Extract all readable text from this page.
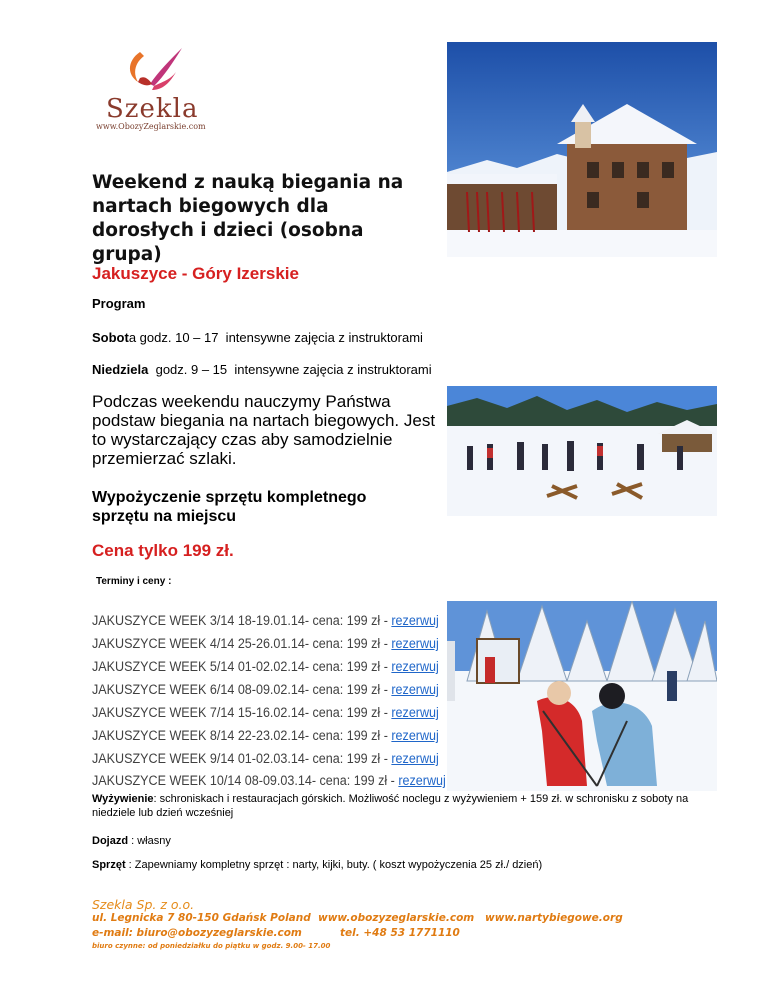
Szekla
www.ObozyZeglarskie.com
Weekend z nauką biegania na nartach biegowych dla dorosłych i dzieci (osobna grupa)
Jakuszyce - Góry Izerskie
Program
Sobota godz. 10 – 17  intensywne zajęcia z instruktorami
Niedziela  godz. 9 – 15  intensywne zajęcia z instruktorami
Podczas weekendu nauczymy Państwa podstaw biegania na nartach biegowych. Jest to wystarczający czas aby samodzielnie przemierzać szlaki.
Wypożyczenie sprzętu kompletnego sprzętu na miejscu
Cena tylko 199 zł.
Terminy i ceny :
JAKUSZYCE WEEK 3/14 18-19.01.14- cena: 199 zł - rezerwuj
JAKUSZYCE WEEK 4/14 25-26.01.14- cena: 199 zł - rezerwuj
JAKUSZYCE WEEK 5/14 01-02.02.14- cena: 199 zł - rezerwuj
JAKUSZYCE WEEK 6/14 08-09.02.14- cena: 199 zł - rezerwuj
JAKUSZYCE WEEK 7/14 15-16.02.14- cena: 199 zł - rezerwuj
JAKUSZYCE WEEK 8/14 22-23.02.14- cena: 199 zł - rezerwuj
JAKUSZYCE WEEK 9/14 01-02.03.14- cena: 199 zł - rezerwuj
JAKUSZYCE WEEK 10/14 08-09.03.14- cena: 199 zł - rezerwuj
Wyżywienie: schroniskach i restauracjach górskich. Możliwość noclegu z wyżywieniem + 159 zł. w schronisku z soboty na niedziele lub dzień wcześniej
Dojazd : własny
Sprzęt : Zapewniamy kompletny sprzęt : narty, kijki, buty. ( koszt wypożyczenia 25 zł./ dzień)
Szekla Sp. z o.o.
ul. Legnicka 7 80-150 Gdańsk Poland www.obozyzeglarskie.com www.nartybiegowe.org
e-mail: biuro@obozyzeglarskie.com	tel. +48 53 1771110
biuro czynne: od poniedziałku do piątku w godz. 9.00- 17.00
